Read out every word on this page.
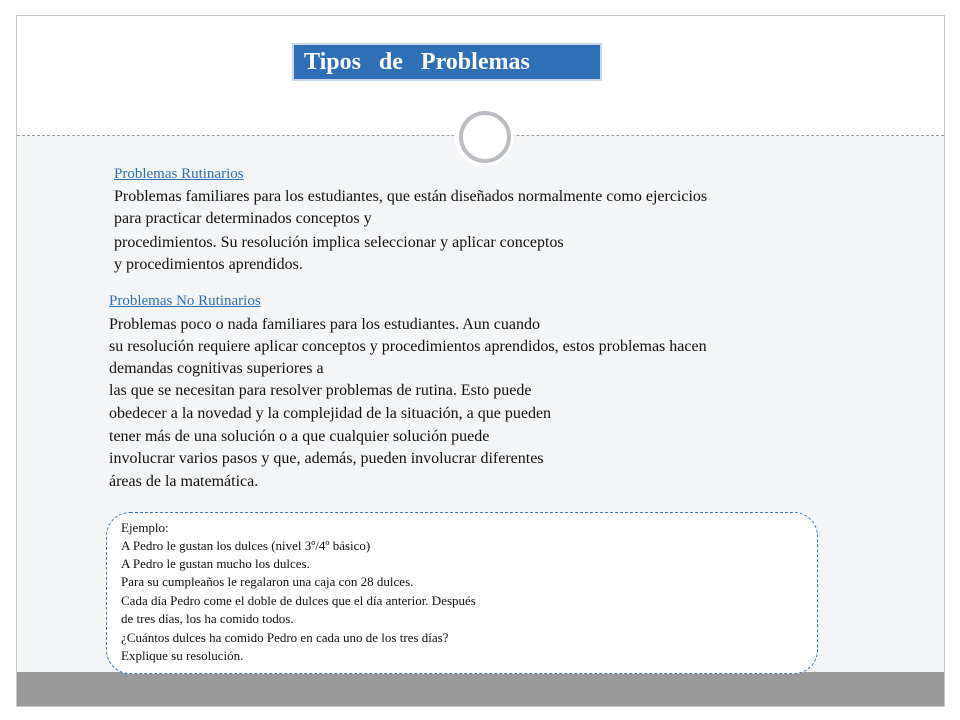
Tipos   de   Problemas
Problemas Rutinarios
Problemas familiares para los estudiantes, que están diseñados normalmente como ejercicios
para practicar determinados conceptos y
procedimientos. Su resolución implica seleccionar y aplicar conceptos
y procedimientos aprendidos.
Problemas No Rutinarios
Problemas poco o nada familiares para los estudiantes. Aun cuando
su resolución requiere aplicar conceptos y procedimientos aprendidos, estos problemas hacen
demandas cognitivas superiores a
las que se necesitan para resolver problemas de rutina. Esto puede
obedecer a la novedad y la complejidad de la situación, a que pueden
tener más de una solución o a que cualquier solución puede
involucrar varios pasos y que, además, pueden involucrar diferentes
áreas de la matemática.
Ejemplo:
A Pedro le gustan los dulces (nivel 3º/4º básico)
A Pedro le gustan mucho los dulces.
Para su cumpleaños le regalaron una caja con 28 dulces.
Cada día Pedro come el doble de dulces que el día anterior. Después
de tres días, los ha comido todos.
¿Cuántos dulces ha comido Pedro en cada uno de los tres días?
Explique su resolución.
